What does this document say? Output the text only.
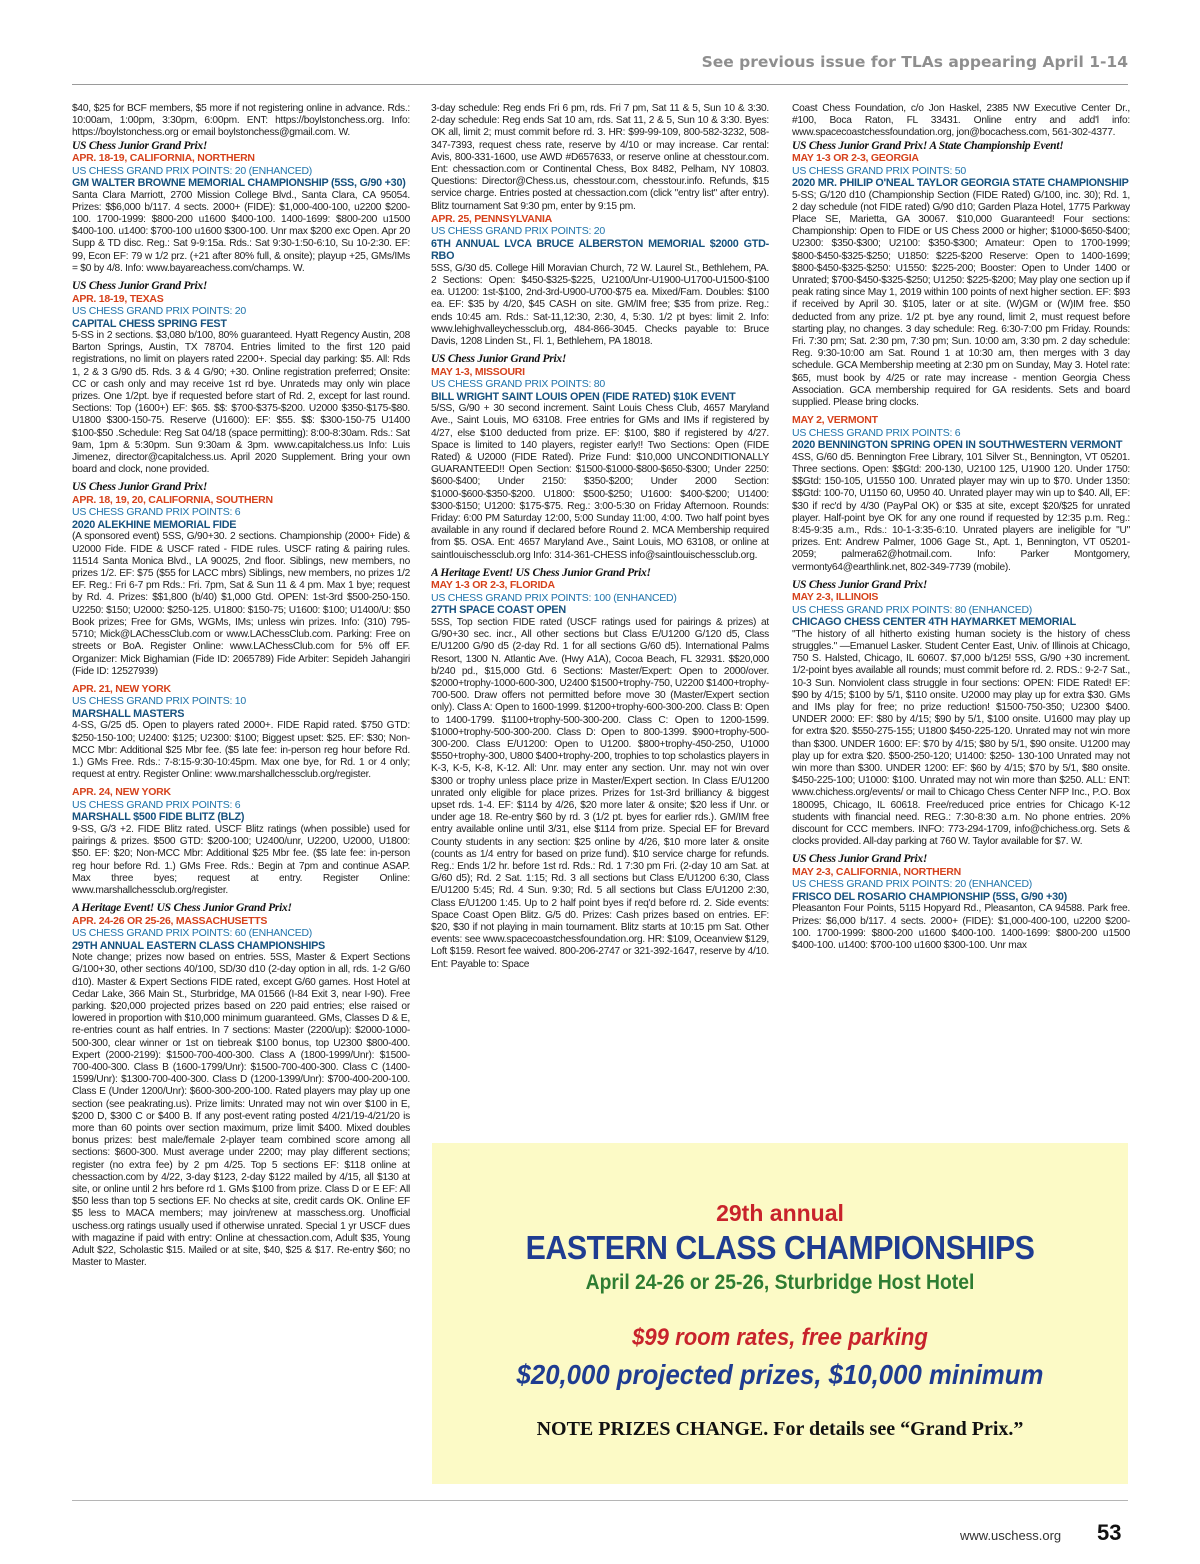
See previous issue for TLAs appearing April 1-14

$40, $25 for BCF members, $5 more if not registering online in advance. Rds.: 10:00am, 1:00pm, 3:30pm, 6:00pm. ENT: https://boylstonchess.org. Info: https://boylstonchess.org or email boylstonchess@gmail.com. W.

US Chess Junior Grand Prix!

APR. 18-19, CALIFORNIA, NORTHERN

US CHESS GRAND PRIX POINTS: 20 (ENHANCED)

GM WALTER BROWNE MEMORIAL CHAMPIONSHIP (5SS, G/90 +30)

Santa Clara Marriott, 2700 Mission College Blvd., Santa Clara, CA 95054. Prizes: $$6,000 b/117. 4 sects. 2000+ (FIDE): $1,000-400-100, u2200 $200-100. 1700-1999: $800-200 u1600 $400-100. 1400-1699: $800-200 u1500 $400-100. u1400: $700-100 u1600 $300-100. Unr max $200 exc Open. Apr 20 Supp & TD disc. Reg.: Sat 9-9:15a. Rds.: Sat 9:30-1:50-6:10, Su 10-2:30. EF: 99, Econ EF: 79 w 1/2 prz. (+21 after 80% full, & onsite); playup +25, GMs/IMs = $0 by 4/8. Info: www.bayareachess.com/champs. W.

US Chess Junior Grand Prix!

APR. 18-19, TEXAS

US CHESS GRAND PRIX POINTS: 20

CAPITAL CHESS SPRING FEST

5-SS in 2 sections. $3,080 b/100, 80% guaranteed. Hyatt Regency Austin, 208 Barton Springs, Austin, TX 78704. Entries limited to the first 120 paid registrations, no limit on players rated 2200+. Special day parking: $5. All: Rds 1, 2 & 3 G/90 d5. Rds. 3 & 4 G/90; +30. Online registration preferred; Onsite: CC or cash only and may receive 1st rd bye. Unrateds may only win place prizes. One 1/2pt. bye if requested before start of Rd. 2, except for last round. Sections: Top (1600+) EF: $65. $$: $700-$375-$200. U2000 $350-$175-$80. U1800 $300-150-75. Reserve (U1600): EF: $55. $$: $300-150-75 U1400 $100-$50 .Schedule: Reg Sat 04/18 (space permitting): 8:00-8:30am. Rds.: Sat 9am, 1pm & 5:30pm. Sun 9:30am & 3pm. www.capitalchess.us Info: Luis Jimenez, director@capitalchess.us. April 2020 Supplement. Bring your own board and clock, none provided.

US Chess Junior Grand Prix!

APR. 18, 19, 20, CALIFORNIA, SOUTHERN

US CHESS GRAND PRIX POINTS: 6

2020 ALEKHINE MEMORIAL FIDE

(A sponsored event) 5SS, G/90+30. 2 sections. Championship (2000+ Fide) & U2000 Fide. FIDE & USCF rated - FIDE rules. USCF rating & pairing rules. 11514 Santa Monica Blvd., LA 90025, 2nd floor. Siblings, new members, no prizes 1/2. EF: $75 ($55 for LACC mbrs) Siblings, new members, no prizes 1/2 EF. Reg.: Fri 6-7 pm Rds.: Fri. 7pm, Sat & Sun 11 & 4 pm. Max 1 bye; request by Rd. 4. Prizes: $$1,800 (b/40) $1,000 Gtd. OPEN: 1st-3rd $500-250-150. U2250: $150; U2000: $250-125. U1800: $150-75; U1600: $100; U1400/U: $50 Book prizes; Free for GMs, WGMs, IMs; unless win prizes. Info: (310) 795-5710; Mick@LAChessClub.com or www.LAChessClub.com. Parking: Free on streets or BoA. Register Online: www.LAChessClub.com for 5% off EF. Organizer: Mick Bighamian (Fide ID: 2065789) Fide Arbiter: Sepideh Jahangiri (Fide ID: 12527939)

APR. 21, NEW YORK

US CHESS GRAND PRIX POINTS: 10

MARSHALL MASTERS

4-SS, G/25 d5. Open to players rated 2000+. FIDE Rapid rated. $750 GTD: $250-150-100; U2400: $125; U2300: $100; Biggest upset: $25. EF: $30; Non-MCC Mbr: Additional $25 Mbr fee. ($5 late fee: in-person reg hour before Rd. 1.) GMs Free. Rds.: 7-8:15-9:30-10:45pm. Max one bye, for Rd. 1 or 4 only; request at entry. Register Online: www.marshallchessclub.org/register.

APR. 24, NEW YORK

US CHESS GRAND PRIX POINTS: 6

MARSHALL $500 FIDE BLITZ (BLZ)

9-SS, G/3 +2. FIDE Blitz rated. USCF Blitz ratings (when possible) used for pairings & prizes. $500 GTD: $200-100; U2400/unr, U2200, U2000, U1800: $50. EF: $20; Non-MCC Mbr: Additional $25 Mbr fee. ($5 late fee: in-person reg hour before Rd. 1.) GMs Free. Rds.: Begin at 7pm and continue ASAP. Max three byes; request at entry. Register Online: www.marshallchessclub.org/register.

A Heritage Event! US Chess Junior Grand Prix!

APR. 24-26 OR 25-26, MASSACHUSETTS

US CHESS GRAND PRIX POINTS: 60 (ENHANCED)

29TH ANNUAL EASTERN CLASS CHAMPIONSHIPS

Note change; prizes now based on entries. 5SS, Master & Expert Sections G/100+30, other sections 40/100, SD/30 d10 (2-day option in all, rds. 1-2 G/60 d10). Master & Expert Sections FIDE rated, except G/60 games. Host Hotel at Cedar Lake, 366 Main St., Sturbridge, MA 01566 (I-84 Exit 3, near I-90). Free parking. $20,000 projected prizes based on 220 paid entries; else raised or lowered in proportion with $10,000 minimum guaranteed. GMs, Classes D & E, re-entries count as half entries. In 7 sections: Master (2200/up): $2000-1000-500-300, clear winner or 1st on tiebreak $100 bonus, top U2300 $800-400. Expert (2000-2199): $1500-700-400-300. Class A (1800-1999/Unr): $1500-700-400-300. Class B (1600-1799/Unr): $1500-700-400-300. Class C (1400-1599/Unr): $1300-700-400-300. Class D (1200-1399/Unr): $700-400-200-100. Class E (Under 1200/Unr): $600-300-200-100. Rated players may play up one section (see peakrating.us). Prize limits: Unrated may not win over $100 in E, $200 D, $300 C or $400 B. If any post-event rating posted 4/21/19-4/21/20 is more than 60 points over section maximum, prize limit $400. Mixed doubles bonus prizes: best male/female 2-player team combined score among all sections: $600-300. Must average under 2200; may play different sections; register (no extra fee) by 2 pm 4/25. Top 5 sections EF: $118 online at chessaction.com by 4/22, 3-day $123, 2-day $122 mailed by 4/15, all $130 at site, or online until 2 hrs before rd 1. GMs $100 from prize. Class D or E EF: All $50 less than top 5 sections EF. No checks at site, credit cards OK. Online EF $5 less to MACA members; may join/renew at masschess.org. Unofficial uschess.org ratings usually used if otherwise unrated. Special 1 yr USCF dues with magazine if paid with entry: Online at chessaction.com, Adult $35, Young Adult $22, Scholastic $15. Mailed or at site, $40, $25 & $17. Re-entry $60; no Master to Master.

3-day schedule: Reg ends Fri 6 pm, rds. Fri 7 pm, Sat 11 & 5, Sun 10 & 3:30. 2-day schedule: Reg ends Sat 10 am, rds. Sat 11, 2 & 5, Sun 10 & 3:30. Byes: OK all, limit 2; must commit before rd. 3. HR: $99-99-109, 800-582-3232, 508-347-7393, request chess rate, reserve by 4/10 or may increase. Car rental: Avis, 800-331-1600, use AWD #D657633, or reserve online at chesstour.com. Ent: chessaction.com or Continental Chess, Box 8482, Pelham, NY 10803. Questions: Director@Chess.us, chesstour.com, chesstour.info. Refunds, $15 service charge. Entries posted at chessaction.com (click "entry list" after entry). Blitz tournament Sat 9:30 pm, enter by 9:15 pm.

APR. 25, PENNSYLVANIA

US CHESS GRAND PRIX POINTS: 20

6TH ANNUAL LVCA BRUCE ALBERSTON MEMORIAL $2000 GTD-RBO

5SS, G/30 d5. College Hill Moravian Church, 72 W. Laurel St., Bethlehem, PA. 2 Sections: Open: $450-$325-$225, U2100/Unr-U1900-U1700-U1500-$100 ea. U1200: 1st-$100, 2nd-3rd-U900-U700-$75 ea. Mixed/Fam. Doubles: $100 ea. EF: $35 by 4/20, $45 CASH on site. GM/IM free; $35 from prize. Reg.: ends 10:45 am. Rds.: Sat-11,12:30, 2:30, 4, 5:30. 1/2 pt byes: limit 2. Info: www.lehighvalleychessclub.org, 484-866-3045. Checks payable to: Bruce Davis, 1208 Linden St., Fl. 1, Bethlehem, PA 18018.

US Chess Junior Grand Prix!

MAY 1-3, MISSOURI

US CHESS GRAND PRIX POINTS: 80

BILL WRIGHT SAINT LOUIS OPEN (FIDE RATED) $10K EVENT

5/SS, G/90 + 30 second increment. Saint Louis Chess Club, 4657 Maryland Ave., Saint Louis, MO 63108. Free entries for GMs and IMs if registered by 4/27, else $100 deducted from prize. EF: $100, $80 if registered by 4/27. Space is limited to 140 players, register early!! Two Sections: Open (FIDE Rated) & U2000 (FIDE Rated). Prize Fund: $10,000 UNCONDITIONALLY GUARANTEED!! Open Section: $1500-$1000-$800-$650-$300; Under 2250: $600-$400; Under 2150: $350-$200; Under 2000 Section: $1000-$600-$350-$200. U1800: $500-$250; U1600: $400-$200; U1400: $300-$150; U1200: $175-$75. Reg.: 3:00-5:30 on Friday Afternoon. Rounds: Friday: 6:00 PM Saturday 12:00, 5:00 Sunday 11:00, 4:00. Two half point byes available in any round if declared before Round 2. MCA Membership required from $5. OSA. Ent: 4657 Maryland Ave., Saint Louis, MO 63108, or online at saintlouischessclub.org Info: 314-361-CHESS info@saintlouischessclub.org.

A Heritage Event! US Chess Junior Grand Prix!

MAY 1-3 OR 2-3, FLORIDA

US CHESS GRAND PRIX POINTS: 100 (ENHANCED)

27TH SPACE COAST OPEN

5SS, Top section FIDE rated (USCF ratings used for pairings & prizes) at G/90+30 sec. incr., All other sections but Class E/U1200 G/120 d5, Class E/U1200 G/90 d5 (2-day Rd. 1 for all sections G/60 d5). International Palms Resort, 1300 N. Atlantic Ave. (Hwy A1A), Cocoa Beach, FL 32931. $$20,000 b/240 pd., $15,000 Gtd. 6 Sections: Master/Expert: Open to 2000/over. $2000+trophy-1000-600-300, U2400 $1500+trophy-750, U2200 $1400+trophy-700-500. Draw offers not permitted before move 30 (Master/Expert section only). Class A: Open to 1600-1999. $1200+trophy-600-300-200. Class B: Open to 1400-1799. $1100+trophy-500-300-200. Class C: Open to 1200-1599. $1000+trophy-500-300-200. Class D: Open to 800-1399. $900+trophy-500-300-200. Class E/U1200: Open to U1200. $800+trophy-450-250, U1000 $550+trophy-300, U800 $400+trophy-200, trophies to top scholastics players in K-3, K-5, K-8, K-12. All: Unr. may enter any section. Unr. may not win over $300 or trophy unless place prize in Master/Expert section. In Class E/U1200 unrated only eligible for place prizes. Prizes for 1st-3rd brilliancy & biggest upset rds. 1-4. EF: $114 by 4/26, $20 more later & onsite; $20 less if Unr. or under age 18. Re-entry $60 by rd. 3 (1/2 pt. byes for earlier rds.). GM/IM free entry available online until 3/31, else $114 from prize. Special EF for Brevard County students in any section: $25 online by 4/26, $10 more later & onsite (counts as 1/4 entry for based on prize fund). $10 service charge for refunds. Reg.: Ends 1/2 hr. before 1st rd. Rds.: Rd. 1 7:30 pm Fri. (2-day 10 am Sat. at G/60 d5); Rd. 2 Sat. 1:15; Rd. 3 all sections but Class E/U1200 6:30, Class E/U1200 5:45; Rd. 4 Sun. 9:30; Rd. 5 all sections but Class E/U1200 2:30, Class E/U1200 1:45. Up to 2 half point byes if req'd before rd. 2. Side events: Space Coast Open Blitz. G/5 d0. Prizes: Cash prizes based on entries. EF: $20, $30 if not playing in main tournament. Blitz starts at 10:15 pm Sat. Other events: see www.spacecoastchessfoundation.org. HR: $109, Oceanview $129, Loft $159. Resort fee waived. 800-206-2747 or 321-392-1647, reserve by 4/10. Ent: Payable to: Space

Coast Chess Foundation, c/o Jon Haskel, 2385 NW Executive Center Dr., #100, Boca Raton, FL 33431. Online entry and add'l info: www.spacecoastchessfoundation.org, jon@bocachess.com, 561-302-4377.

US Chess Junior Grand Prix! A State Championship Event!

MAY 1-3 OR 2-3, GEORGIA

US CHESS GRAND PRIX POINTS: 50

2020 MR. PHILIP O'NEAL TAYLOR GEORGIA STATE CHAMPIONSHIP

5-SS; G/120 d10 (Championship Section (FIDE Rated) G/100, inc. 30); Rd. 1, 2 day schedule (not FIDE rated) G/90 d10; Garden Plaza Hotel, 1775 Parkway Place SE, Marietta, GA 30067. $10,000 Guaranteed! Four sections: Championship: Open to FIDE or US Chess 2000 or higher; $1000-$650-$400; U2300: $350-$300; U2100: $350-$300; Amateur: Open to 1700-1999; $800-$450-$325-$250; U1850: $225-$200 Reserve: Open to 1400-1699; $800-$450-$325-$250: U1550: $225-200; Booster: Open to Under 1400 or Unrated; $700-$450-$325-$250; U1250: $225-$200; May play one section up if peak rating since May 1, 2019 within 100 points of next higher section. EF: $93 if received by April 30. $105, later or at site. (W)GM or (W)IM free. $50 deducted from any prize. 1/2 pt. bye any round, limit 2, must request before starting play, no changes. 3 day schedule: Reg. 6:30-7:00 pm Friday. Rounds: Fri. 7:30 pm; Sat. 2:30 pm, 7:30 pm; Sun. 10:00 am, 3:30 pm. 2 day schedule: Reg. 9:30-10:00 am Sat. Round 1 at 10:30 am, then merges with 3 day schedule. GCA Membership meeting at 2:30 pm on Sunday, May 3. Hotel rate: $65, must book by 4/25 or rate may increase - mention Georgia Chess Association. GCA membership required for GA residents. Sets and board supplied. Please bring clocks.

MAY 2, VERMONT

US CHESS GRAND PRIX POINTS: 6

2020 BENNINGTON SPRING OPEN IN SOUTHWESTERN VERMONT

4SS, G/60 d5. Bennington Free Library, 101 Silver St., Bennington, VT 05201. Three sections. Open: $$Gtd: 200-130, U2100 125, U1900 120. Under 1750: $$Gtd: 150-105, U1550 100. Unrated player may win up to $70. Under 1350: $$Gtd: 100-70, U1150 60, U950 40. Unrated player may win up to $40. All, EF: $30 if rec'd by 4/30 (PayPal OK) or $35 at site, except $20/$25 for unrated player. Half-point bye OK for any one round if requested by 12:35 p.m. Reg.: 8:45-9:35 a.m., Rds.: 10-1-3:35-6:10. Unrated players are ineligible for "U" prizes. Ent: Andrew Palmer, 1006 Gage St., Apt. 1, Bennington, VT 05201-2059; palmera62@hotmail.com. Info: Parker Montgomery, vermonty64@earthlink.net, 802-349-7739 (mobile).

US Chess Junior Grand Prix!

MAY 2-3, ILLINOIS

US CHESS GRAND PRIX POINTS: 80 (ENHANCED)

CHICAGO CHESS CENTER 4TH HAYMARKET MEMORIAL

"The history of all hitherto existing human society is the history of chess struggles." —Emanuel Lasker. Student Center East, Univ. of Illinois at Chicago, 750 S. Halsted, Chicago, IL 60607. $7,000 b/125! 5SS, G/90 +30 increment. 1/2-point byes available all rounds; must commit before rd. 2. RDS.: 9-2-7 Sat., 10-3 Sun. Nonviolent class struggle in four sections: OPEN: FIDE Rated! EF: $90 by 4/15; $100 by 5/1, $110 onsite. U2000 may play up for extra $30. GMs and IMs play for free; no prize reduction! $1500-750-350; U2300 $400. UNDER 2000: EF: $80 by 4/15; $90 by 5/1, $100 onsite. U1600 may play up for extra $20. $550-275-155; U1800 $450-225-120. Unrated may not win more than $300. UNDER 1600: EF: $70 by 4/15; $80 by 5/1, $90 onsite. U1200 may play up for extra $20. $500-250-120; U1400: $250- 130-100 Unrated may not win more than $300. UNDER 1200: EF: $60 by 4/15; $70 by 5/1, $80 onsite. $450-225-100; U1000: $100. Unrated may not win more than $250. ALL: ENT: www.chichess.org/events/ or mail to Chicago Chess Center NFP Inc., P.O. Box 180095, Chicago, IL 60618. Free/reduced price entries for Chicago K-12 students with financial need. REG.: 7:30-8:30 a.m. No phone entries. 20% discount for CCC members. INFO: 773-294-1709, info@chichess.org. Sets & clocks provided. All-day parking at 760 W. Taylor available for $7. W.

US Chess Junior Grand Prix!

MAY 2-3, CALIFORNIA, NORTHERN

US CHESS GRAND PRIX POINTS: 20 (ENHANCED)

FRISCO DEL ROSARIO CHAMPIONSHIP (5SS, G/90 +30)

Pleasanton Four Points, 5115 Hopyard Rd., Pleasanton, CA 94588. Park free. Prizes: $6,000 b/117. 4 sects. 2000+ (FIDE): $1,000-400-100, u2200 $200-100. 1700-1999: $800-200 u1600 $400-100. 1400-1699: $800-200 u1500 $400-100. u1400: $700-100 u1600 $300-100. Unr max

29th annual
EASTERN CLASS CHAMPIONSHIPS
April 24-26 or 25-26, Sturbridge Host Hotel
$99 room rates, free parking
$20,000 projected prizes, $10,000 minimum
NOTE PRIZES CHANGE. For details see “Grand Prix.”
www.uschess.org 53
